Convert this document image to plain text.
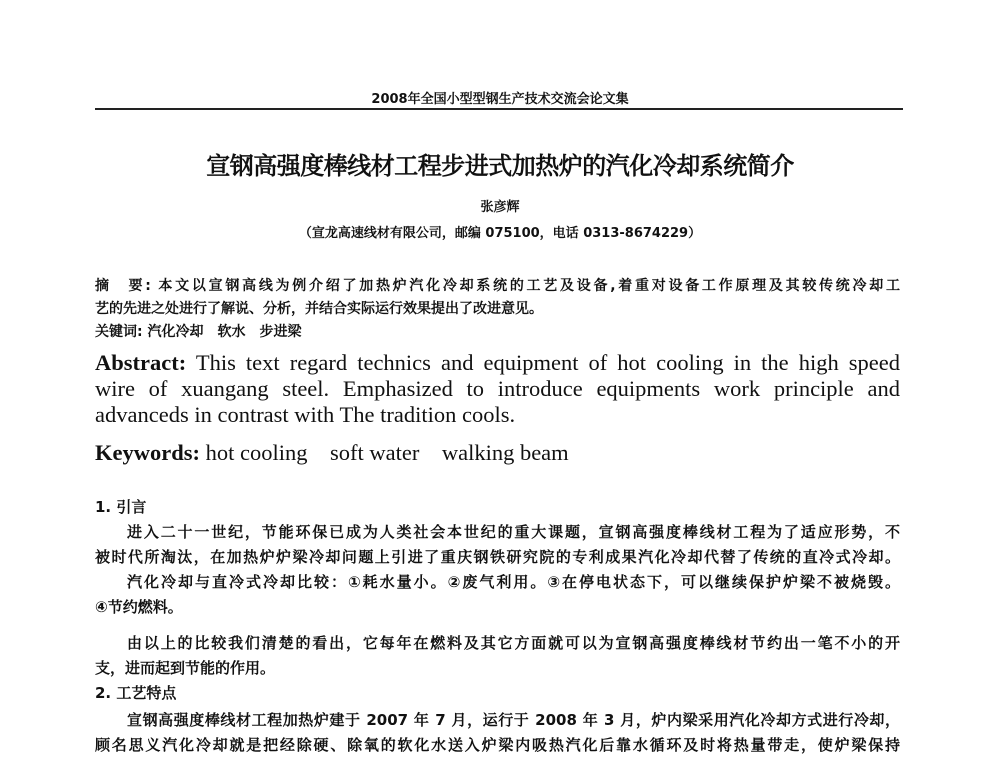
2008年全国小型型钢生产技术交流会论文集
宣钢高强度棒线材工程步进式加热炉的汽化冷却系统简介
张彦辉
（宣龙高速线材有限公司，邮编 075100，电话 0313-8674229）
摘　要: 本文以宣钢高线为例介绍了加热炉汽化冷却系统的工艺及设备,着重对设备工作原理及其较传统冷却工
艺的先进之处进行了解说、分析，并结合实际运行效果提出了改进意见。
关键词: 汽化冷却　软水　步进梁
Abstract: This text regard technics and equipment of hot cooling in the high speed
wire of xuangang steel. Emphasized to introduce equipments work principle and
advanceds in contrast with The tradition cools.
Keywords: hot cooling　soft water　walking beam
1. 引言
进入二十一世纪，节能环保已成为人类社会本世纪的重大课题，宣钢高强度棒线材工程为了适应形势，不
被时代所淘汰，在加热炉炉梁冷却问题上引进了重庆钢铁研究院的专利成果汽化冷却代替了传统的直冷式冷却。
汽化冷却与直冷式冷却比较：①耗水量小。②废气利用。③在停电状态下，可以继续保护炉梁不被烧毁。
④节约燃料。
由以上的比较我们清楚的看出，它每年在燃料及其它方面就可以为宣钢高强度棒线材节约出一笔不小的开
支，进而起到节能的作用。
2. 工艺特点
宣钢高强度棒线材工程加热炉建于 2007 年 7 月，运行于 2008 年 3 月，炉内梁采用汽化冷却方式进行冷却，
顾名思义汽化冷却就是把经除硬、除氧的软化水送入炉梁内吸热汽化后靠水循环及时将热量带走，使炉梁保持
